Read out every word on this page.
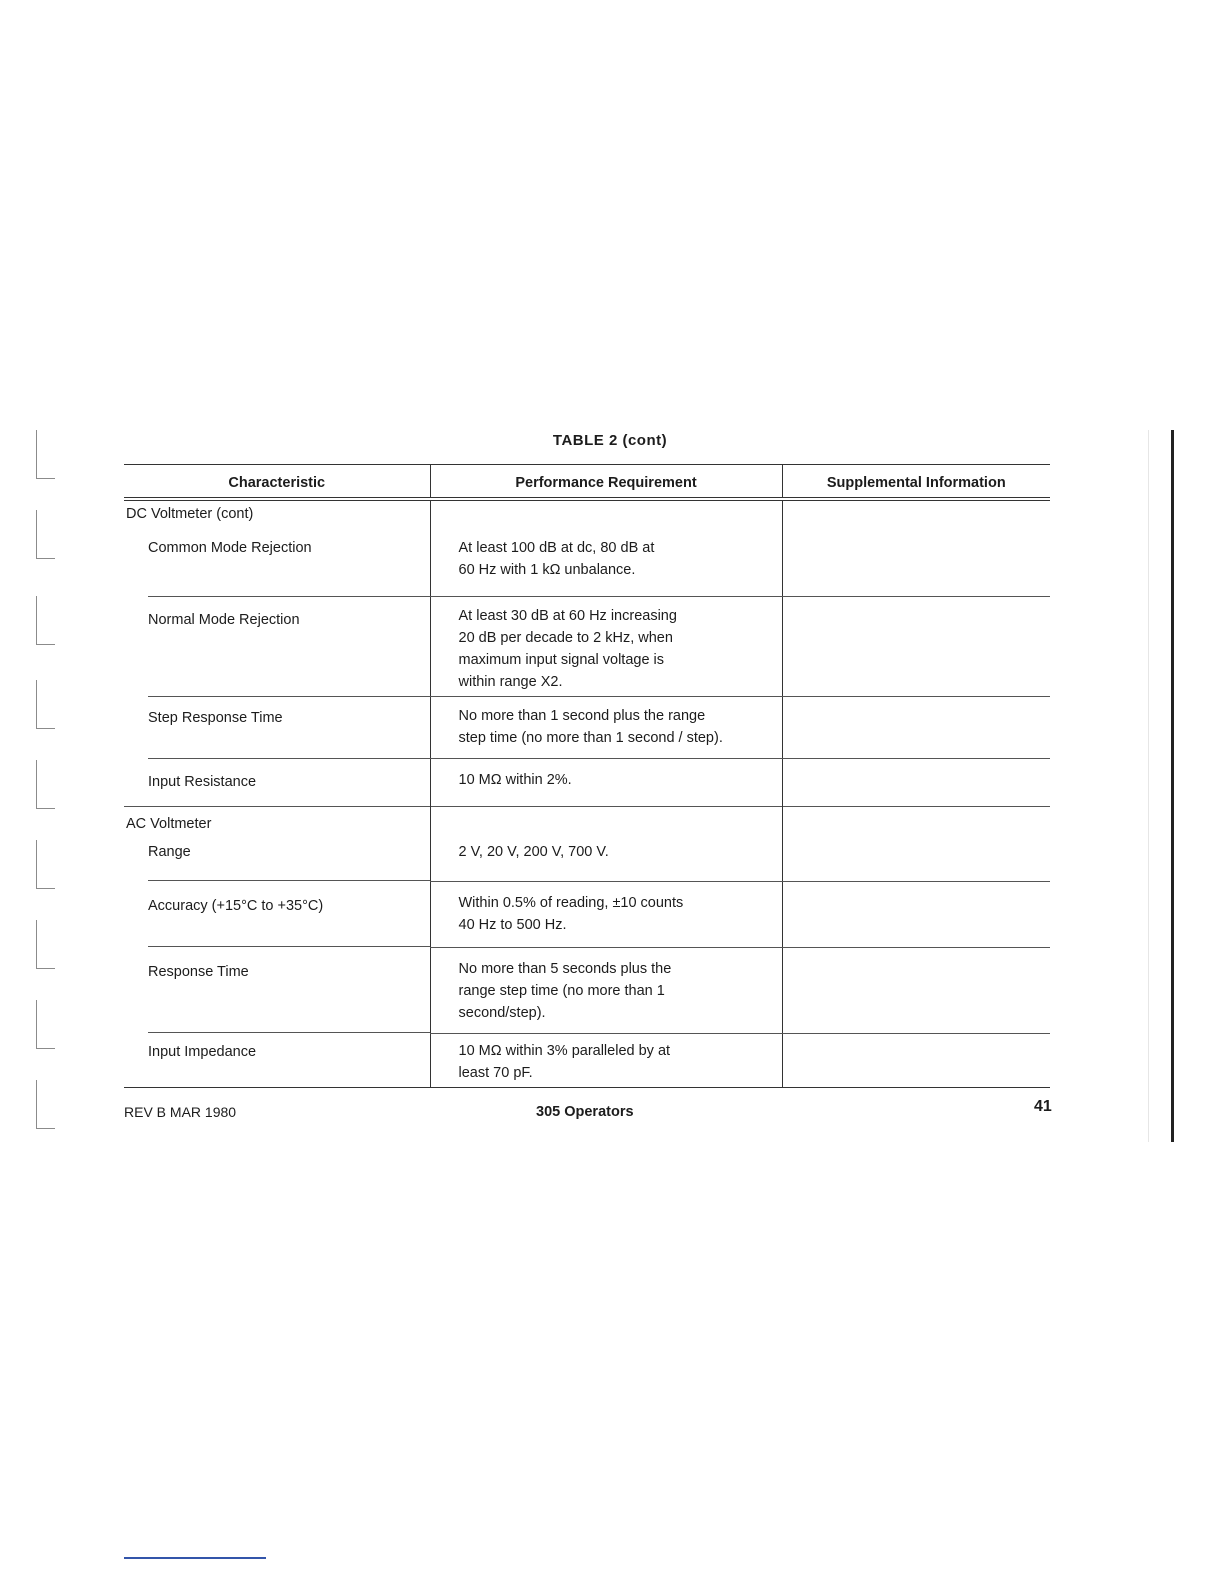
TABLE 2 (cont)
Characteristic	Performance Requirement	Supplemental Information
DC Voltmeter (cont)		
Common Mode Rejection	At least 100 dB at dc, 80 dB at
60 Hz with 1 kΩ unbalance.	
Normal Mode Rejection	At least 30 dB at 60 Hz increasing
20 dB per decade to 2 kHz, when
maximum input signal voltage is
within range X2.	
Step Response Time	No more than 1 second plus the range
step time (no more than 1 second / step).	
Input Resistance	10 MΩ within 2%.	
AC Voltmeter		
Range	2 V, 20 V, 200 V, 700 V.	
Accuracy (+15°C to +35°C)	Within 0.5% of reading, ±10 counts
40 Hz to 500 Hz.	
Response Time	No more than 5 seconds plus the
range step time (no more than 1
second/step).	
Input Impedance	10 MΩ within 3% paralleled by at
least 70 pF.	
REV B MAR 1980	305 Operators	41
